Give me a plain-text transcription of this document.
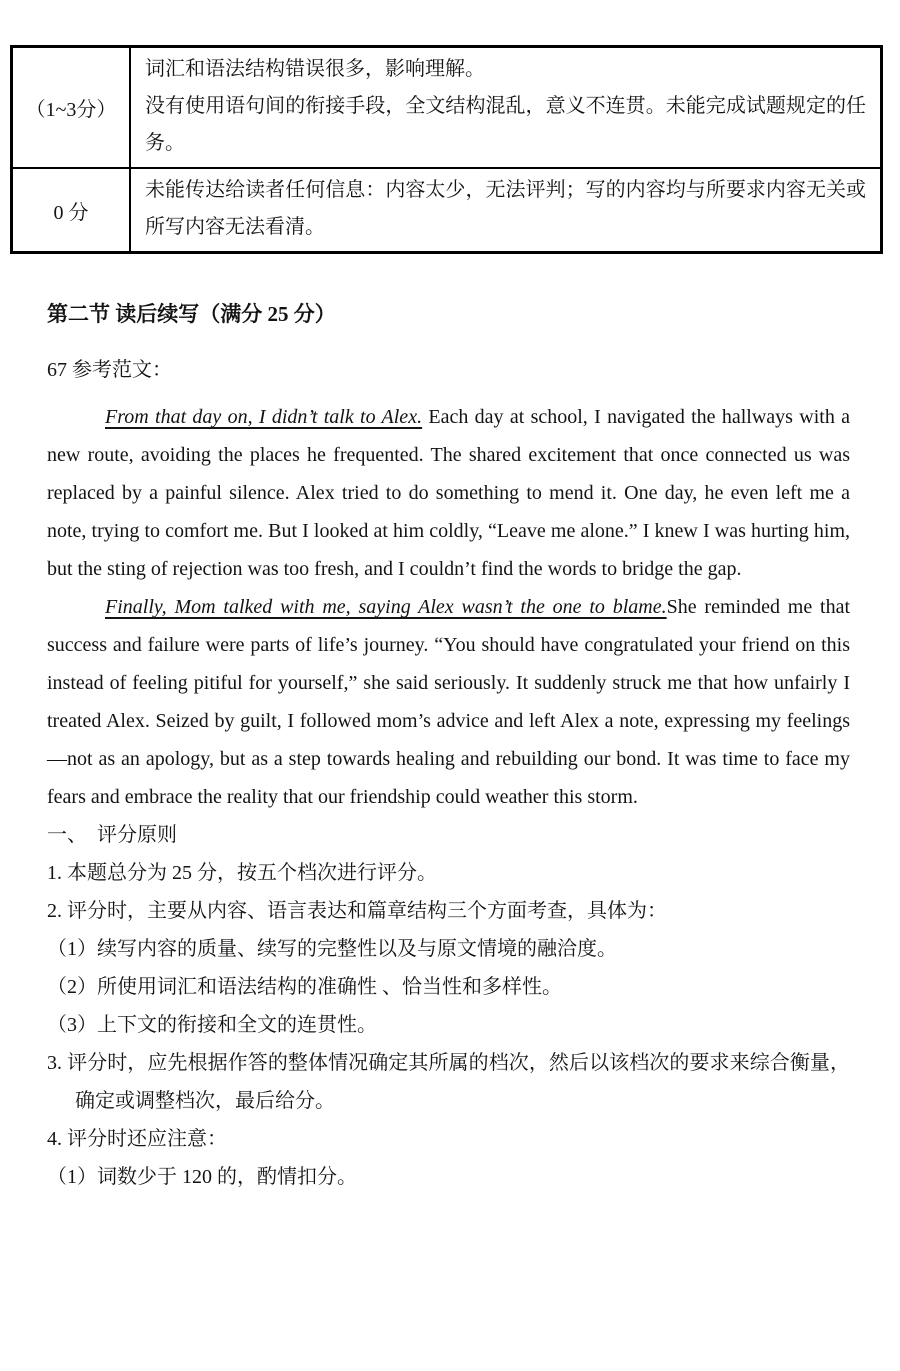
（1~3分）	词汇和语法结构错误很多，影响理解。
没有使用语句间的衔接手段，全文结构混乱，意义不连贯。未能完成试题规定的任务。

0 分	未能传达给读者任何信息：内容太少，无法评判；写的内容均与所要求内容无关或所写内容无法看清。
第二节 读后续写（满分 25 分）
67 参考范文：

From that day on, I didn’t talk to Alex. Each day at school, I navigated the hallways with a new route, avoiding the places he frequented. The shared excitement that once connected us was replaced by a painful silence. Alex tried to do something to mend it. One day, he even left me a note, trying to comfort me. But I looked at him coldly, “Leave me alone.” I knew I was hurting him, but the sting of rejection was too fresh, and I couldn’t find the words to bridge the gap.

Finally, Mom talked with me, saying Alex wasn’t the one to blame.She reminded me that success and failure were parts of life’s journey. “You should have congratulated your friend on this instead of feeling pitiful for yourself,” she said seriously. It suddenly struck me that how unfairly I treated Alex. Seized by guilt, I followed mom’s advice and left Alex a note, expressing my feelings—not as an apology, but as a step towards healing and rebuilding our bond. It was time to face my fears and embrace the reality that our friendship could weather this storm.

一、　评分原则
1. 本题总分为 25 分，按五个档次进行评分。
2. 评分时，主要从内容、语言表达和篇章结构三个方面考查，具体为：
（1）续写内容的质量、续写的完整性以及与原文情境的融洽度。
（2）所使用词汇和语法结构的准确性 、恰当性和多样性。
（3）上下文的衔接和全文的连贯性。
3. 评分时，应先根据作答的整体情况确定其所属的档次，然后以该档次的要求来综合衡量，确定或调整档次，最后给分。
4. 评分时还应注意：
（1）词数少于 120 的，酌情扣分。
